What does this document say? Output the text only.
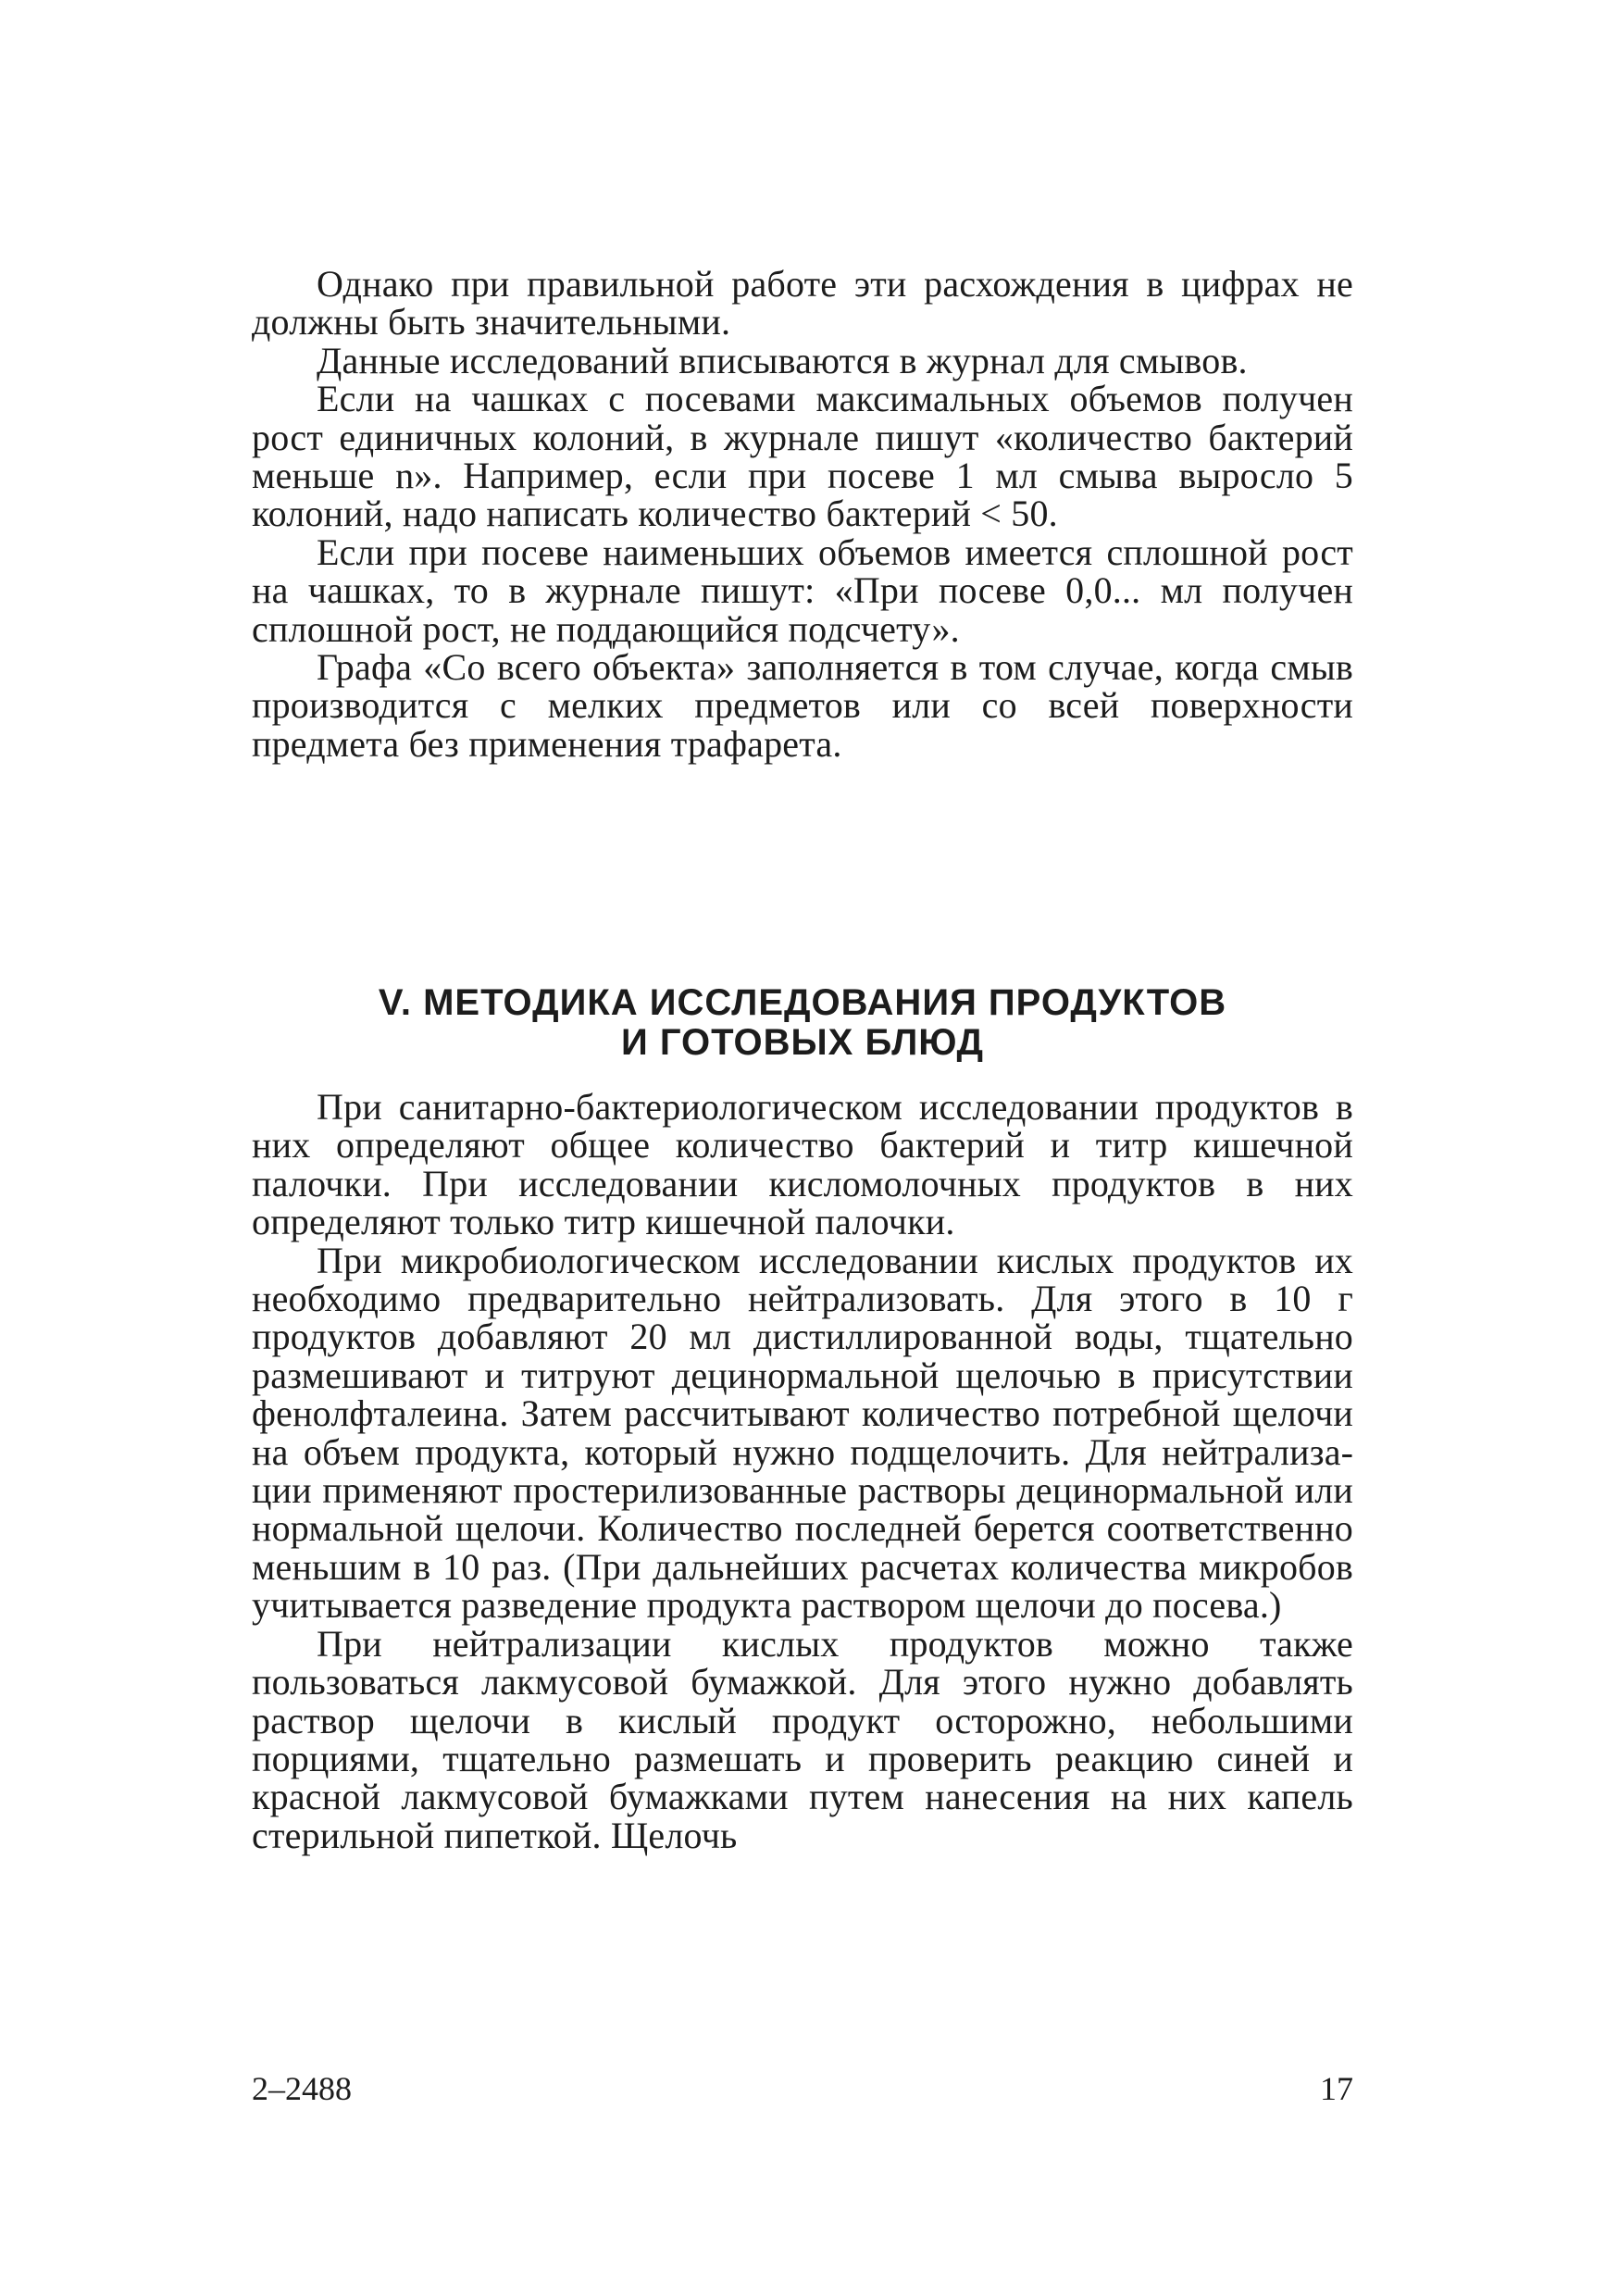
Однако при правильной работе эти расхождения в цифрах не должны быть значительными.

Данные исследований вписываются в журнал для смывов.

Если на чашках с посевами максимальных объемов получен рост единичных колоний, в журнале пишут «количество бактерий меньше n». Например, если при посеве 1 мл смыва выросло 5 колоний, надо написать количество бактерий < 50.

Если при посеве наименьших объемов имеется сплошной рост на чашках, то в журнале пишут: «При посеве 0,0... мл получен сплошной рост, не поддающийся подсчету».

Графа «Со всего объекта» заполняется в том случае, когда смыв производится с мелких предметов или со всей поверхности предмета без применения трафарета.

V. МЕТОДИКА ИССЛЕДОВАНИЯ ПРОДУКТОВ
И ГОТОВЫХ БЛЮД

При санитарно-бактериологическом исследовании продуктов в них определяют общее количество бактерий и титр кишечной палочки. При исследовании кисломолочных продуктов в них определяют только титр кишечной палочки.

При микробиологическом исследовании кислых продуктов их необходимо предварительно нейтрализовать. Для этого в 10 г продуктов добавляют 20 мл дистиллированной воды, тщательно размешивают и титруют децинормальной щелочью в присутствии фенолфталеина. Затем рассчитывают количество потребной щелочи на объем продукта, который нужно подщелочить. Для нейтрализации применяют простерилизованные растворы децинормальной или нормальной щелочи. Количество последней берется соответственно меньшим в 10 раз. (При дальнейших расчетах количества микробов учитывается разведение продукта раствором щелочи до посева.)

При нейтрализации кислых продуктов можно также пользоваться лакмусовой бумажкой. Для этого нужно добавлять раствор щелочи в кислый продукт осторожно, небольшими порциями, тщательно размешать и проверить реакцию синей и красной лакмусовой бумажками путем нанесения на них капель стерильной пипеткой. Щелочь

2–2488	17
